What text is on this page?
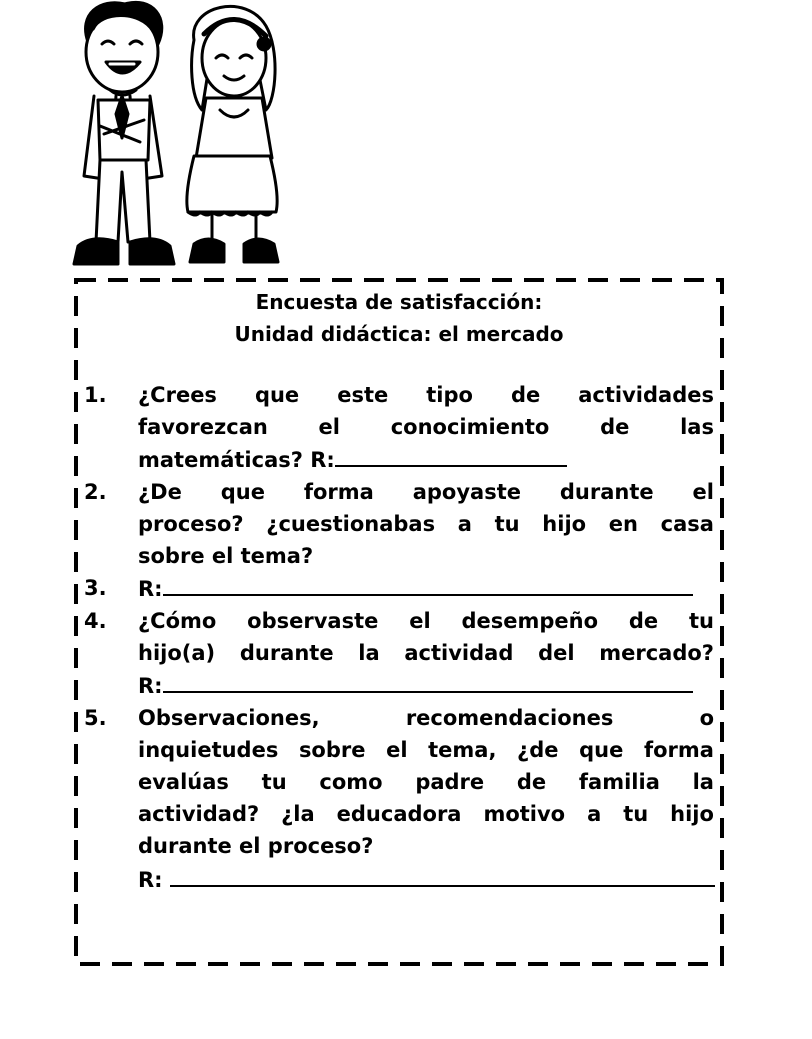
Encuesta de satisfacción:
Unidad didáctica: el mercado
1.	¿Crees que este tipo de actividades
favorezcan el conocimiento de las
matemáticas? R:
2.	¿De que forma apoyaste durante el
proceso? ¿cuestionabas a tu hijo en casa
sobre el tema?
3.	R:
4.	¿Cómo observaste el desempeño de tu
hijo(a) durante la actividad del mercado?
R:
5.	Observaciones,	recomendaciones	o
inquietudes sobre el tema, ¿de que forma
evalúas tu como padre de familia la
actividad? ¿la educadora motivo a tu hijo
durante el proceso?
R:
